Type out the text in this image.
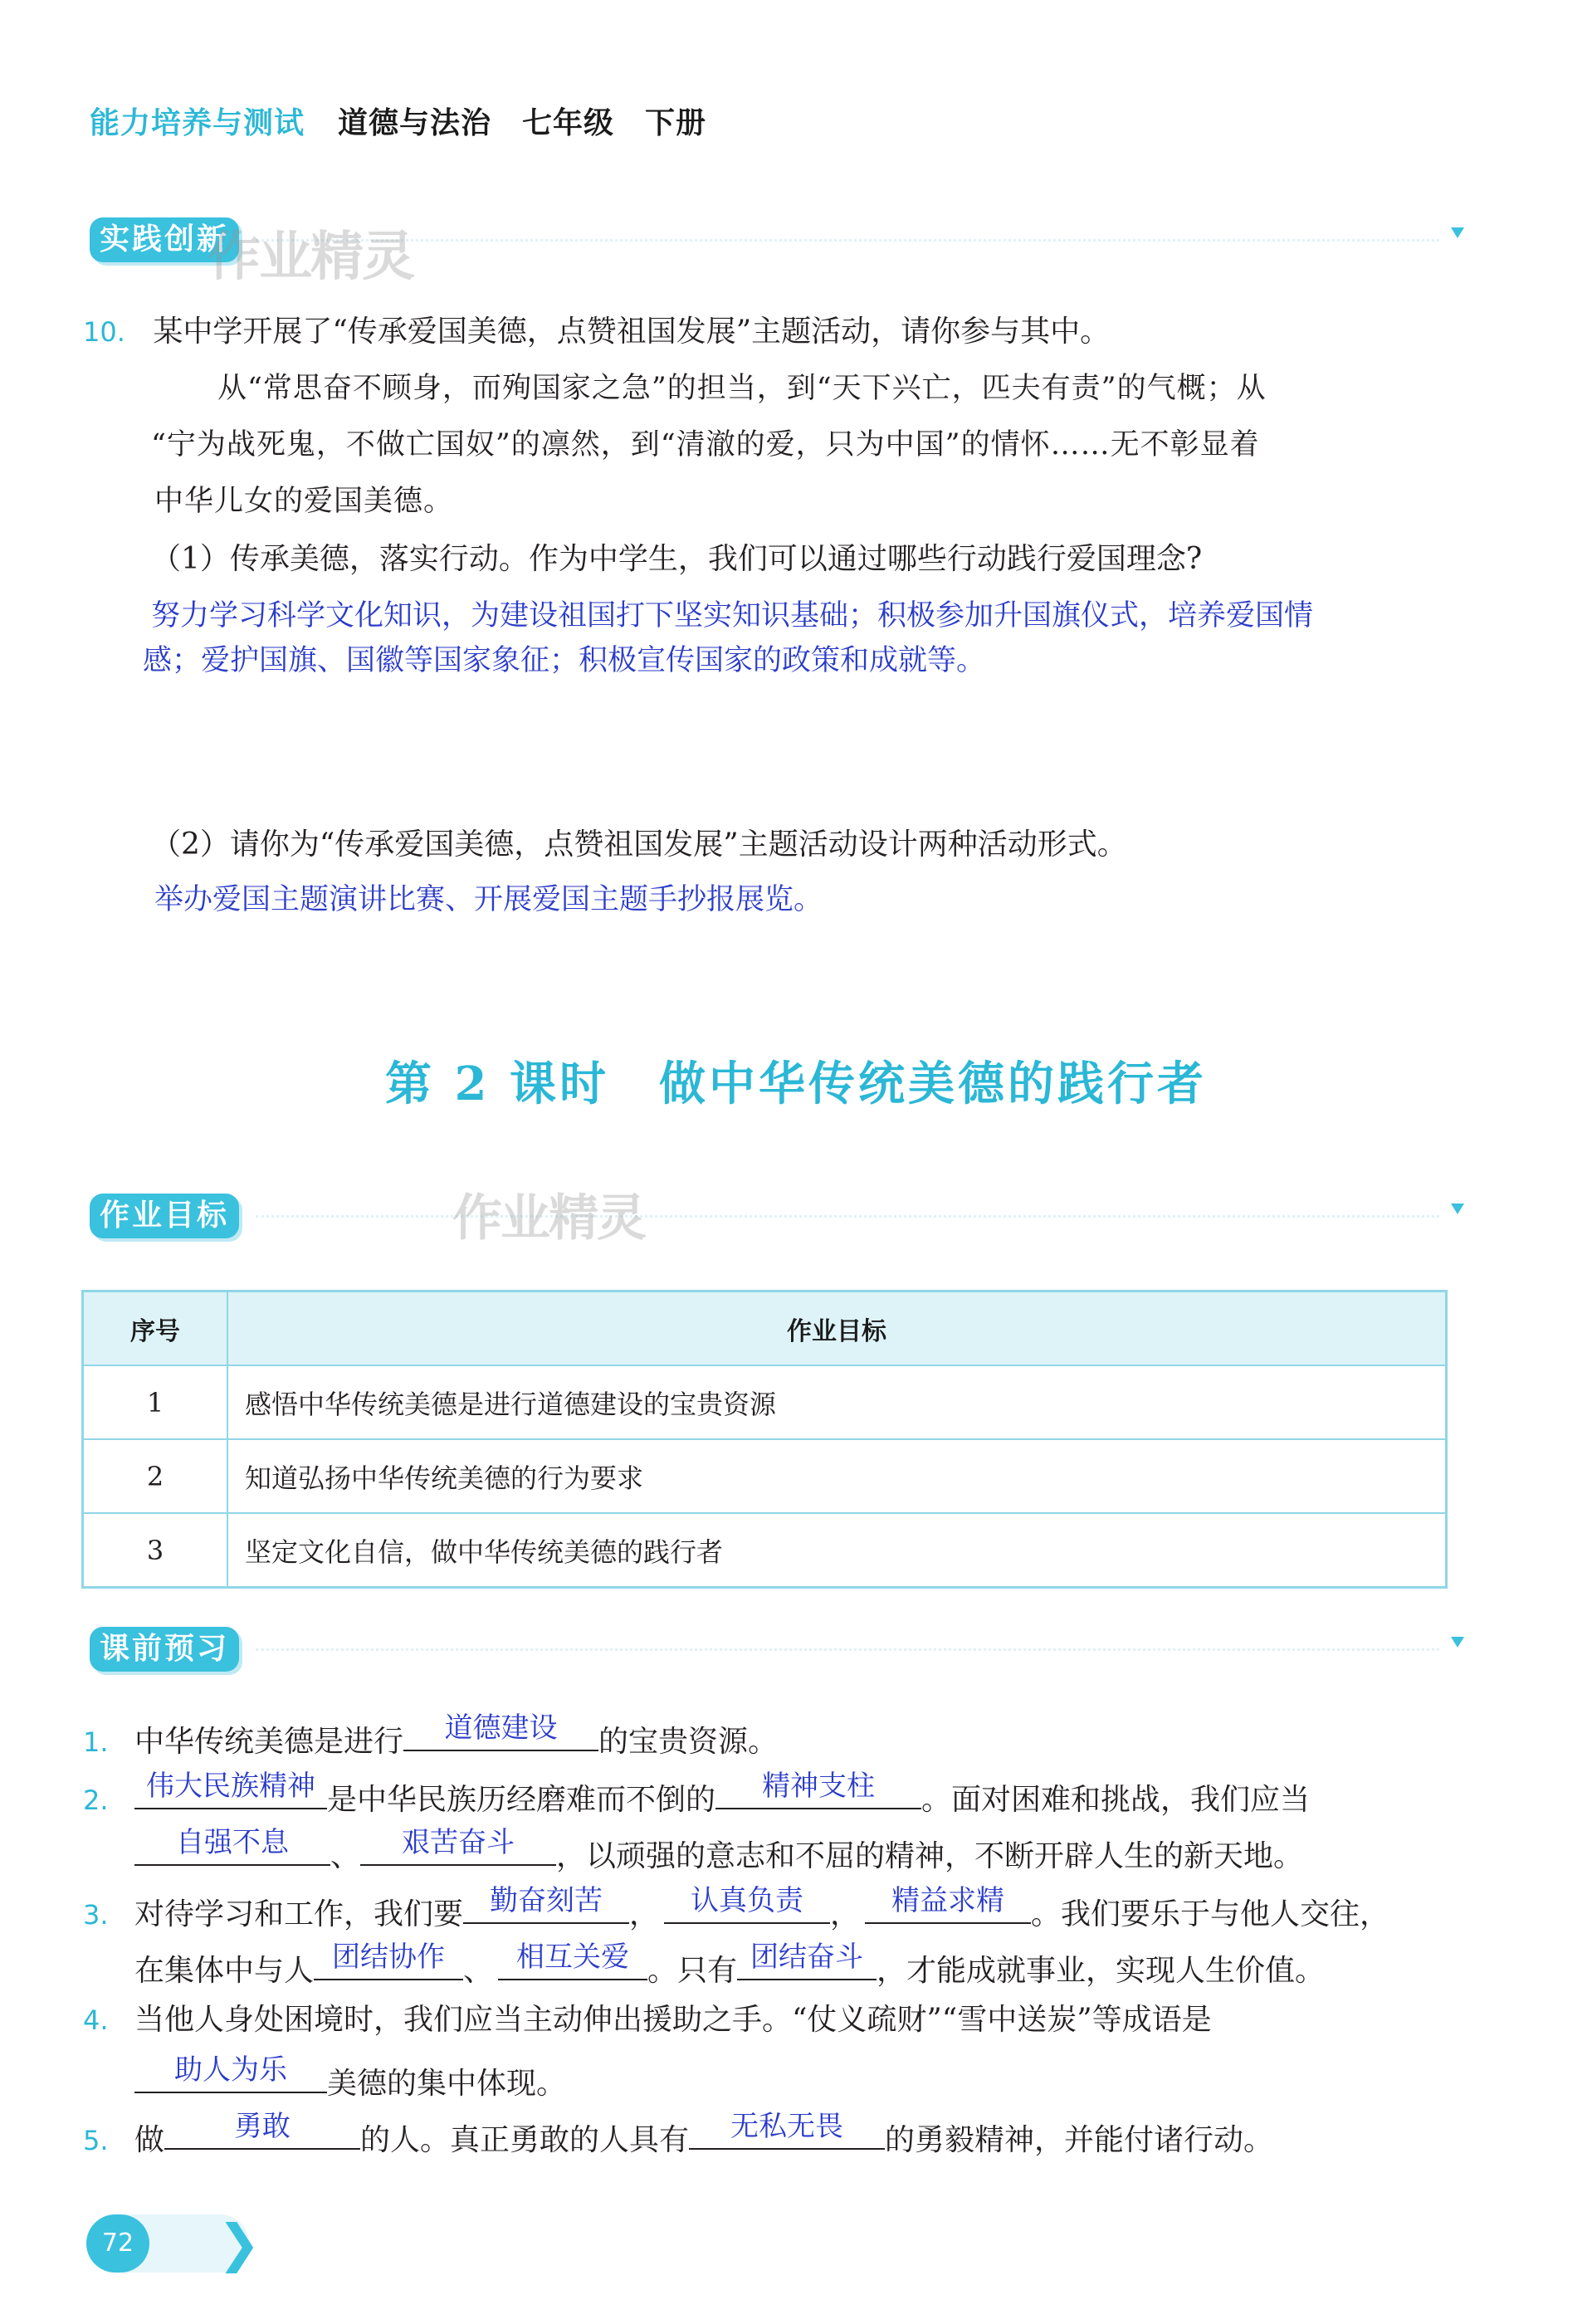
能力培养与测试 道德与法治　七年级　下册
实践创新
作业精灵
10. 某中学开展了“传承爱国美德，点赞祖国发展”主题活动，请你参与其中。
从“常思奋不顾身，而殉国家之急”的担当，到“天下兴亡，匹夫有责”的气概；从
“宁为战死鬼，不做亡国奴”的凛然，到“清澈的爱，只为中国”的情怀……无不彰显着
中华儿女的爱国美德。
（1）传承美德，落实行动。作为中学生，我们可以通过哪些行动践行爱国理念?
努力学习科学文化知识，为建设祖国打下坚实知识基础；积极参加升国旗仪式，培养爱国情
感；爱护国旗、国徽等国家象征；积极宣传国家的政策和成就等。
（2）请你为“传承爱国美德，点赞祖国发展”主题活动设计两种活动形式。
举办爱国主题演讲比赛、开展爱国主题手抄报展览。
第 2 课时　做中华传统美德的践行者
作业目标	作业精灵
序号	作业目标
1	感悟中华传统美德是进行道德建设的宝贵资源
2	知道弘扬中华传统美德的行为要求
3	坚定文化自信，做中华传统美德的践行者
课前预习
1. 中华传统美德是进行	道德建设	的宝贵资源。
2.	伟大民族精神 是中华民族历经磨难而不倒的	精神支柱	。面对困难和挑战，我们应当
自强不息	、	艰苦奋斗	，以顽强的意志和不屈的精神，不断开辟人生的新天地。
3. 对待学习和工作，我们要 勤奋刻苦 ，	认真负责 ，	精益求精 。我们要乐于与他人交往，
在集体中与人 团结协作 、 相互关爱 。只有 团结奋斗 ，才能成就事业，实现人生价值。
4. 当他人身处困境时，我们应当主动伸出援助之手。“仗义疏财”“雪中送炭”等成语是
助人为乐	美德的集中体现。
5. 做	勇敢	的人。真正勇敢的人具有	无私无畏	的勇毅精神，并能付诸行动。
72	❯
